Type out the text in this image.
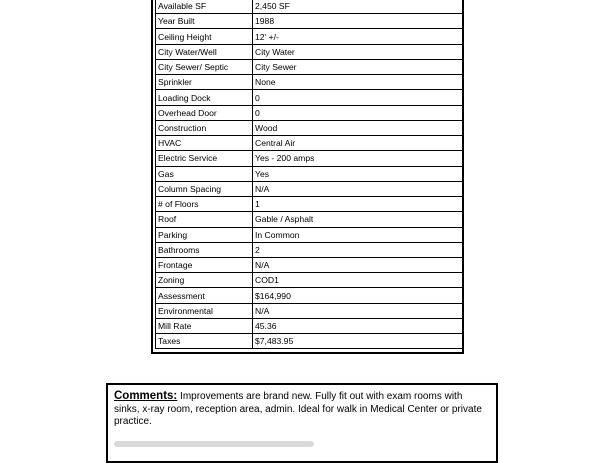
Available SF	2,450 SF
Year Built	1988
Ceiling Height	12' +/-
City Water/Well	City Water
City Sewer/ Septic	City Sewer
Sprinkler	None
Loading Dock	0
Overhead Door	0
Construction	Wood
HVAC	Central Air
Electric Service	Yes - 200 amps
Gas	Yes
Column Spacing	N/A
# of Floors	1
Roof	Gable / Asphalt
Parking	In Common
Bathrooms	2
Frontage	N/A
Zoning	COD1
Assessment	$164,990
Environmental	N/A
Mill Rate	45.36
Taxes	$7,483.95
Comments: Improvements are brand new. Fully fit out with exam rooms with sinks, x-ray room, reception area, admin. Ideal for walk in Medical Center or private practice.
